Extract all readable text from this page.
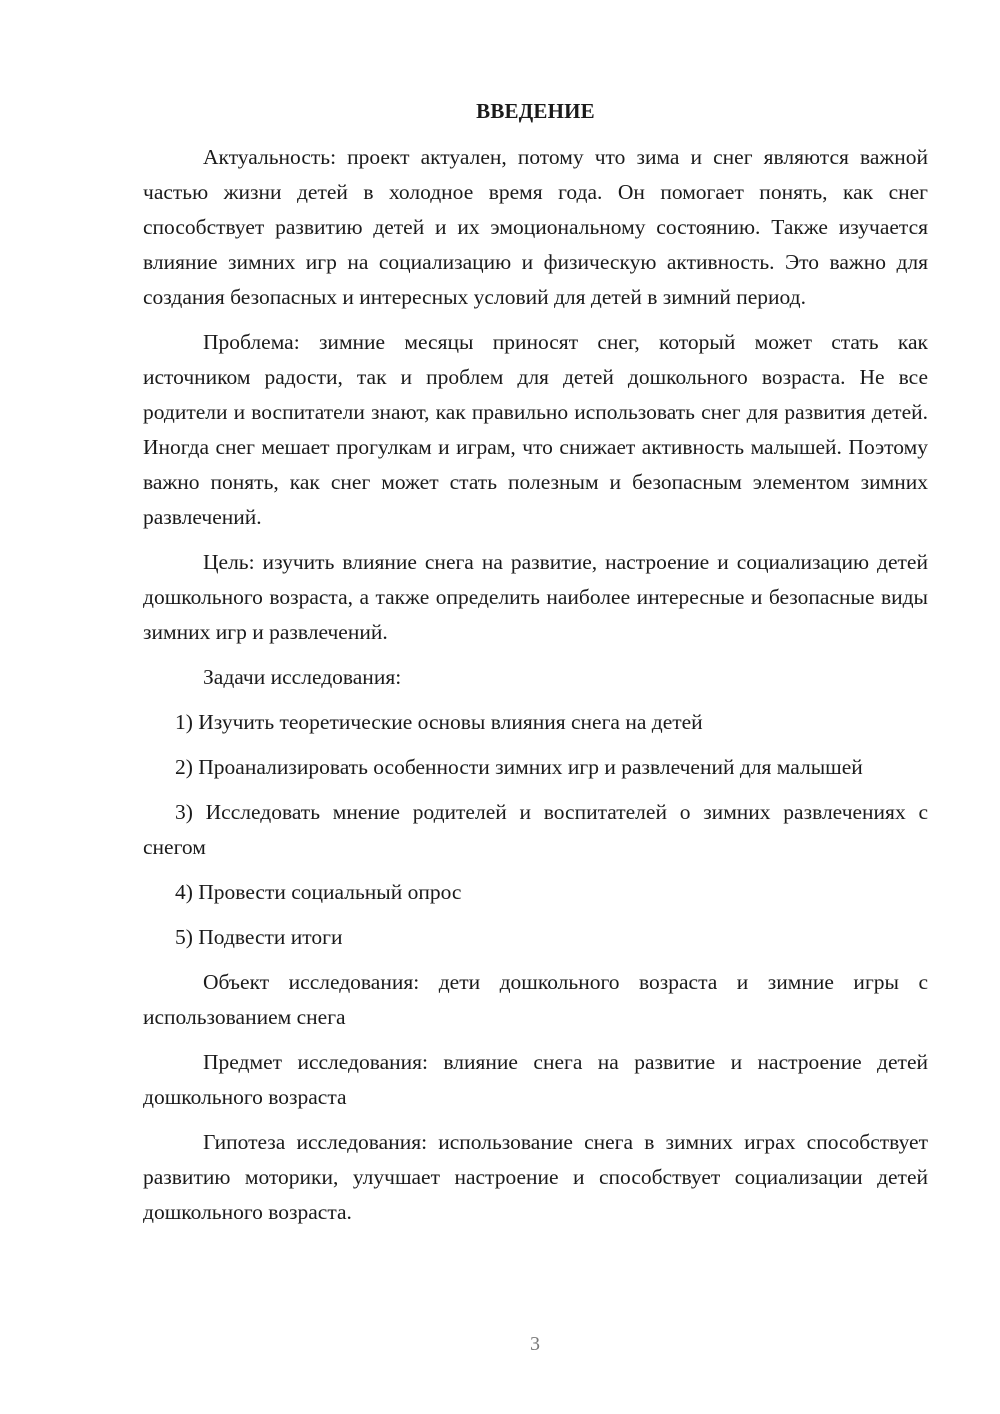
ВВЕДЕНИЕ

Актуальность: проект актуален, потому что зима и снег являются важной частью жизни детей в холодное время года. Он помогает понять, как снег способствует развитию детей и их эмоциональному состоянию. Также изучается влияние зимних игр на социализацию и физическую активность. Это важно для создания безопасных и интересных условий для детей в зимний период.

Проблема: зимние месяцы приносят снег, который может стать как источником радости, так и проблем для детей дошкольного возраста. Не все родители и воспитатели знают, как правильно использовать снег для развития детей. Иногда снег мешает прогулкам и играм, что снижает активность малышей. Поэтому важно понять, как снег может стать полезным и безопасным элементом зимних развлечений.

Цель: изучить влияние снега на развитие, настроение и социализацию детей дошкольного возраста, а также определить наиболее интересные и безопасные виды зимних игр и развлечений.

Задачи исследования:

1) Изучить теоретические основы влияния снега на детей

2) Проанализировать особенности зимних игр и развлечений для малышей

3) Исследовать мнение родителей и воспитателей о зимних развлечениях с снегом

4) Провести социальный опрос

5) Подвести итоги

Объект исследования: дети дошкольного возраста и зимние игры с использованием снега

Предмет исследования: влияние снега на развитие и настроение детей дошкольного возраста

Гипотеза исследования: использование снега в зимних играх способствует развитию моторики, улучшает настроение и способствует социализации детей дошкольного возраста.

3
